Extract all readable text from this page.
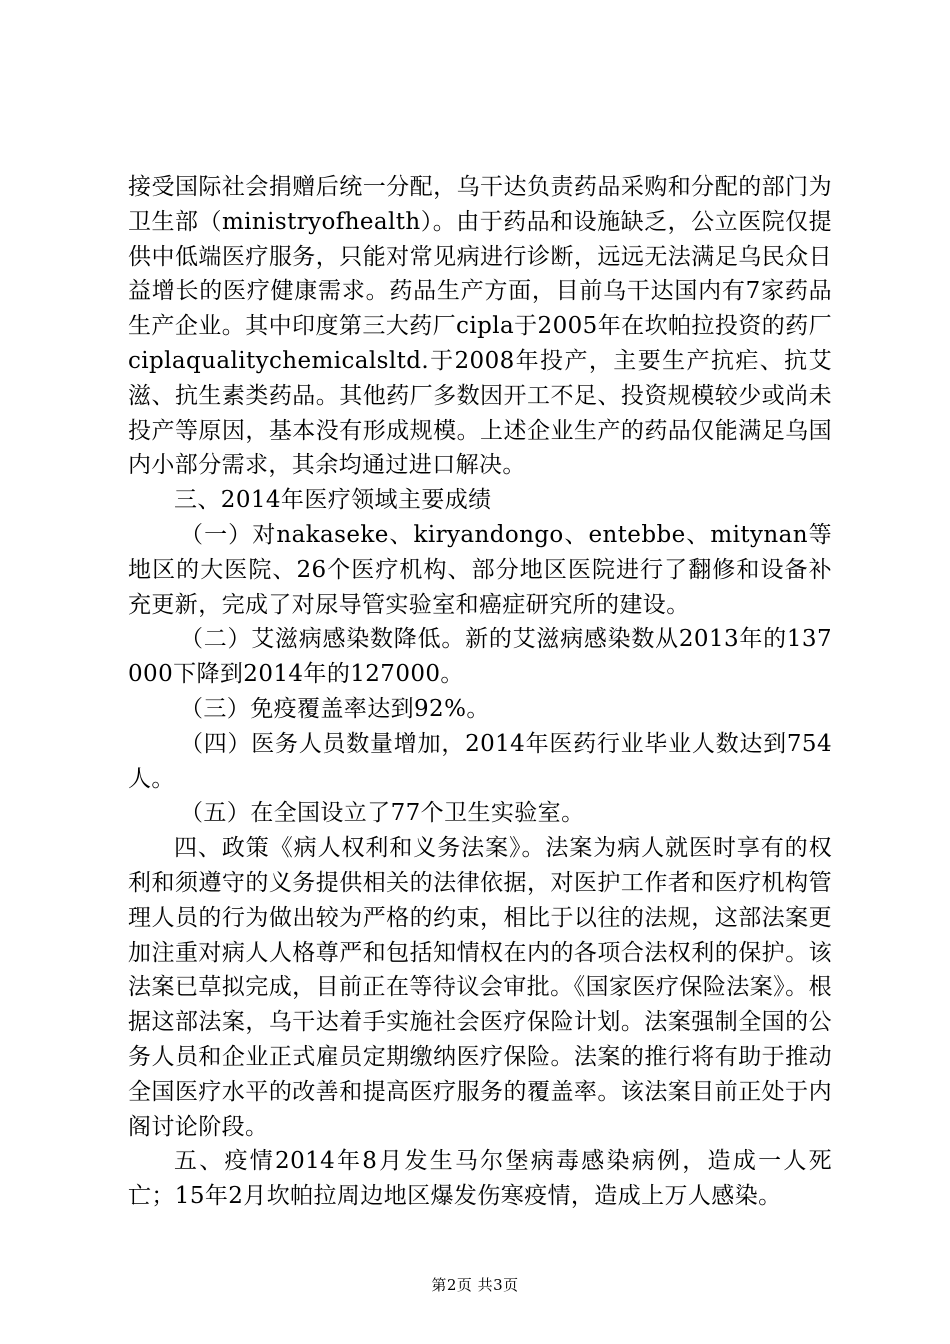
接受国际社会捐赠后统一分配，乌干达负责药品采购和分配的部门为卫生部（ministryofhealth）。由于药品和设施缺乏，公立医院仅提供中低端医疗服务，只能对常见病进行诊断，远远无法满足乌民众日益增长的医疗健康需求。药品生产方面，目前乌干达国内有7家药品生产企业。其中印度第三大药厂cipla于2005年在坎帕拉投资的药厂ciplaqualitychemicalsltd.于2008年投产，主要生产抗疟、抗艾滋、抗生素类药品。其他药厂多数因开工不足、投资规模较少或尚未投产等原因，基本没有形成规模。上述企业生产的药品仅能满足乌国内小部分需求，其余均通过进口解决。

三、2014年医疗领域主要成绩

（一）对nakaseke、kiryandongo、entebbe、mitynan等地区的大医院、26个医疗机构、部分地区医院进行了翻修和设备补充更新，完成了对尿导管实验室和癌症研究所的建设。

（二）艾滋病感染数降低。新的艾滋病感染数从2013年的137000下降到2014年的127000。

（三）免疫覆盖率达到92%。

（四）医务人员数量增加，2014年医药行业毕业人数达到754人。

（五）在全国设立了77个卫生实验室。

四、政策《病人权利和义务法案》。法案为病人就医时享有的权利和须遵守的义务提供相关的法律依据，对医护工作者和医疗机构管理人员的行为做出较为严格的约束，相比于以往的法规，这部法案更加注重对病人人格尊严和包括知情权在内的各项合法权利的保护。该法案已草拟完成，目前正在等待议会审批。《国家医疗保险法案》。根据这部法案，乌干达着手实施社会医疗保险计划。法案强制全国的公务人员和企业正式雇员定期缴纳医疗保险。法案的推行将有助于推动全国医疗水平的改善和提高医疗服务的覆盖率。该法案目前正处于内阁讨论阶段。

五、疫情2014年8月发生马尔堡病毒感染病例，造成一人死亡；15年2月坎帕拉周边地区爆发伤寒疫情，造成上万人感染。

第2页 共3页
